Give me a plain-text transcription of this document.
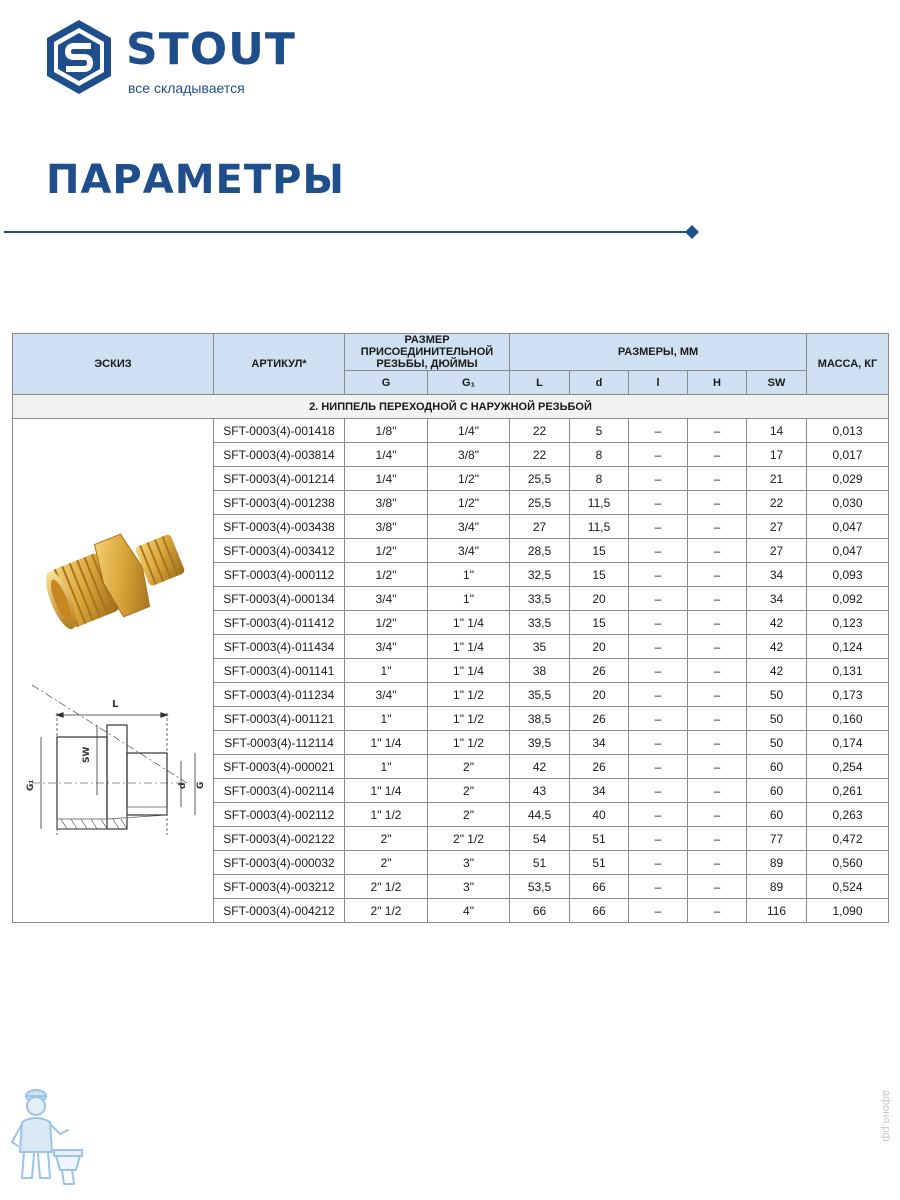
STOUT
все складывается
ПАРАМЕТРЫ
ЭСКИЗ	АРТИКУЛ*	РАЗМЕР ПРИСОЕДИНИТЕЛЬНОЙ РЕЗЬБЫ, ДЮЙМЫ		РАЗМЕРЫ, ММ					МАССА, КГ
		G	G₁	L	d	l	H	SW	
2. НИППЕЛЬ ПЕРЕХОДНОЙ С НАРУЖНОЙ РЕЗЬБОЙ									

L
SW
d G
G₁	SFT-0003(4)-001418	1/8"	1/4"	22	5	–	–	14	0,013
	SFT-0003(4)-003814	1/4"	3/8"	22	8	–	–	17	0,017
	SFT-0003(4)-001214	1/4"	1/2"	25,5	8	–	–	21	0,029
	SFT-0003(4)-001238	3/8"	1/2"	25,5	11,5	–	–	22	0,030
	SFT-0003(4)-003438	3/8"	3/4"	27	11,5	–	–	27	0,047
	SFT-0003(4)-003412	1/2"	3/4"	28,5	15	–	–	27	0,047
	SFT-0003(4)-000112	1/2"	1"	32,5	15	–	–	34	0,093
	SFT-0003(4)-000134	3/4"	1"	33,5	20	–	–	34	0,092
	SFT-0003(4)-011412	1/2"	1" 1/4	33,5	15	–	–	42	0,123
	SFT-0003(4)-011434	3/4"	1" 1/4	35	20	–	–	42	0,124
	SFT-0003(4)-001141	1"	1" 1/4	38	26	–	–	42	0,131
	SFT-0003(4)-011234	3/4"	1" 1/2	35,5	20	–	–	50	0,173
	SFT-0003(4)-001121	1"	1" 1/2	38,5	26	–	–	50	0,160
	SFT-0003(4)-112114	1" 1/4	1" 1/2	39,5	34	–	–	50	0,174
	SFT-0003(4)-000021	1"	2"	42	26	–	–	60	0,254
	SFT-0003(4)-002114	1" 1/4	2"	43	34	–	–	60	0,261
	SFT-0003(4)-002112	1" 1/2	2"	44,5	40	–	–	60	0,263
	SFT-0003(4)-002122	2"	2" 1/2	54	51	–	–	77	0,472
	SFT-0003(4)-000032	2"	3"	51	51	–	–	89	0,560
	SFT-0003(4)-003212	2" 1/2	3"	53,5	66	–	–	89	0,524
	SFT-0003(4)-004212	2" 1/2	4"	66	66	–	–	116	1,090
афоня.рф
